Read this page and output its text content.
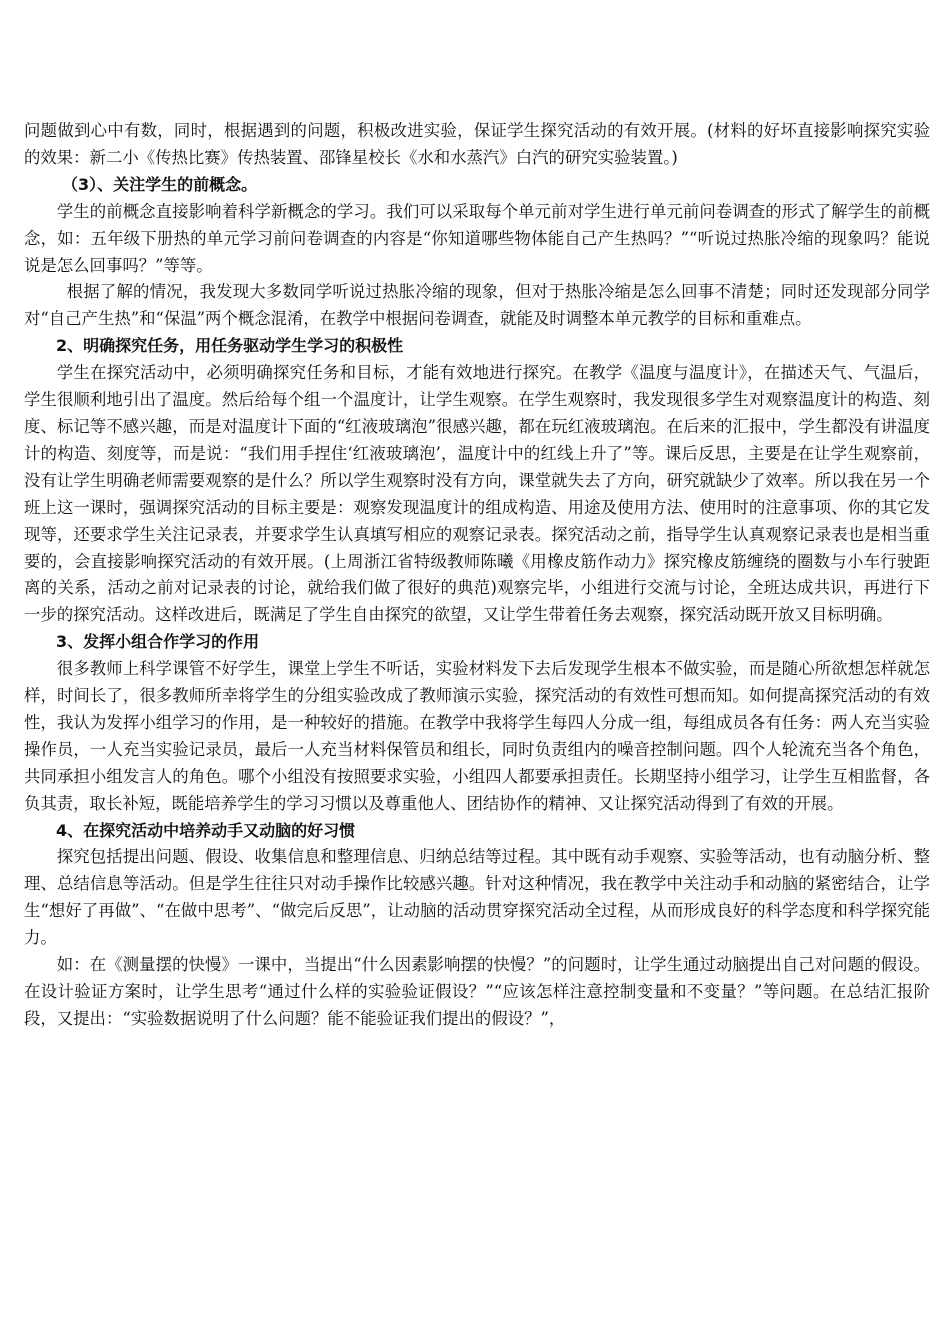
问题做到心中有数，同时，根据遇到的问题，积极改进实验，保证学生探究活动的有效开展。(材料的好坏直接影响探究实验的效果：新二小《传热比赛》传热装置、邵锋星校长《水和水蒸汽》白汽的研究实验装置。)

（3）、关注学生的前概念。

学生的前概念直接影响着科学新概念的学习。我们可以采取每个单元前对学生进行单元前问卷调查的形式了解学生的前概念，如：五年级下册热的单元学习前问卷调查的内容是“你知道哪些物体能自己产生热吗？”“听说过热胀冷缩的现象吗？能说说是怎么回事吗？”等等。

根据了解的情况，我发现大多数同学听说过热胀冷缩的现象，但对于热胀冷缩是怎么回事不清楚；同时还发现部分同学对“自己产生热”和“保温”两个概念混淆，在教学中根据问卷调查，就能及时调整本单元教学的目标和重难点。

2、明确探究任务，用任务驱动学生学习的积极性

学生在探究活动中，必须明确探究任务和目标，才能有效地进行探究。在教学《温度与温度计》，在描述天气、气温后，学生很顺利地引出了温度。然后给每个组一个温度计，让学生观察。在学生观察时，我发现很多学生对观察温度计的构造、刻度、标记等不感兴趣，而是对温度计下面的“红液玻璃泡”很感兴趣，都在玩红液玻璃泡。在后来的汇报中，学生都没有讲温度计的构造、刻度等，而是说：“我们用手捏住‘红液玻璃泡’，温度计中的红线上升了”等。课后反思，主要是在让学生观察前，没有让学生明确老师需要观察的是什么？所以学生观察时没有方向，课堂就失去了方向，研究就缺少了效率。所以我在另一个班上这一课时，强调探究活动的目标主要是：观察发现温度计的组成构造、用途及使用方法、使用时的注意事项、你的其它发现等，还要求学生关注记录表，并要求学生认真填写相应的观察记录表。探究活动之前，指导学生认真观察记录表也是相当重要的，会直接影响探究活动的有效开展。(上周浙江省特级教师陈曦《用橡皮筋作动力》探究橡皮筋缠绕的圈数与小车行驶距离的关系，活动之前对记录表的讨论，就给我们做了很好的典范)观察完毕，小组进行交流与讨论，全班达成共识，再进行下一步的探究活动。这样改进后，既满足了学生自由探究的欲望，又让学生带着任务去观察，探究活动既开放又目标明确。

3、发挥小组合作学习的作用

很多教师上科学课管不好学生，课堂上学生不听话，实验材料发下去后发现学生根本不做实验，而是随心所欲想怎样就怎样，时间长了，很多教师所幸将学生的分组实验改成了教师演示实验，探究活动的有效性可想而知。如何提高探究活动的有效性，我认为发挥小组学习的作用，是一种较好的措施。在教学中我将学生每四人分成一组，每组成员各有任务：两人充当实验操作员，一人充当实验记录员，最后一人充当材料保管员和组长，同时负责组内的噪音控制问题。四个人轮流充当各个角色，共同承担小组发言人的角色。哪个小组没有按照要求实验，小组四人都要承担责任。长期坚持小组学习，让学生互相监督，各负其责，取长补短，既能培养学生的学习习惯以及尊重他人、团结协作的精神、又让探究活动得到了有效的开展。

4、在探究活动中培养动手又动脑的好习惯

探究包括提出问题、假设、收集信息和整理信息、归纳总结等过程。其中既有动手观察、实验等活动，也有动脑分析、整理、总结信息等活动。但是学生往往只对动手操作比较感兴趣。针对这种情况，我在教学中关注动手和动脑的紧密结合，让学生“想好了再做”、“在做中思考”、“做完后反思”，让动脑的活动贯穿探究活动全过程，从而形成良好的科学态度和科学探究能力。

如：在《测量摆的快慢》一课中，当提出“什么因素影响摆的快慢？”的问题时，让学生通过动脑提出自己对问题的假设。在设计验证方案时，让学生思考“通过什么样的实验验证假设？”“应该怎样注意控制变量和不变量？”等问题。在总结汇报阶段，又提出：“实验数据说明了什么问题？能不能验证我们提出的假设？”，
